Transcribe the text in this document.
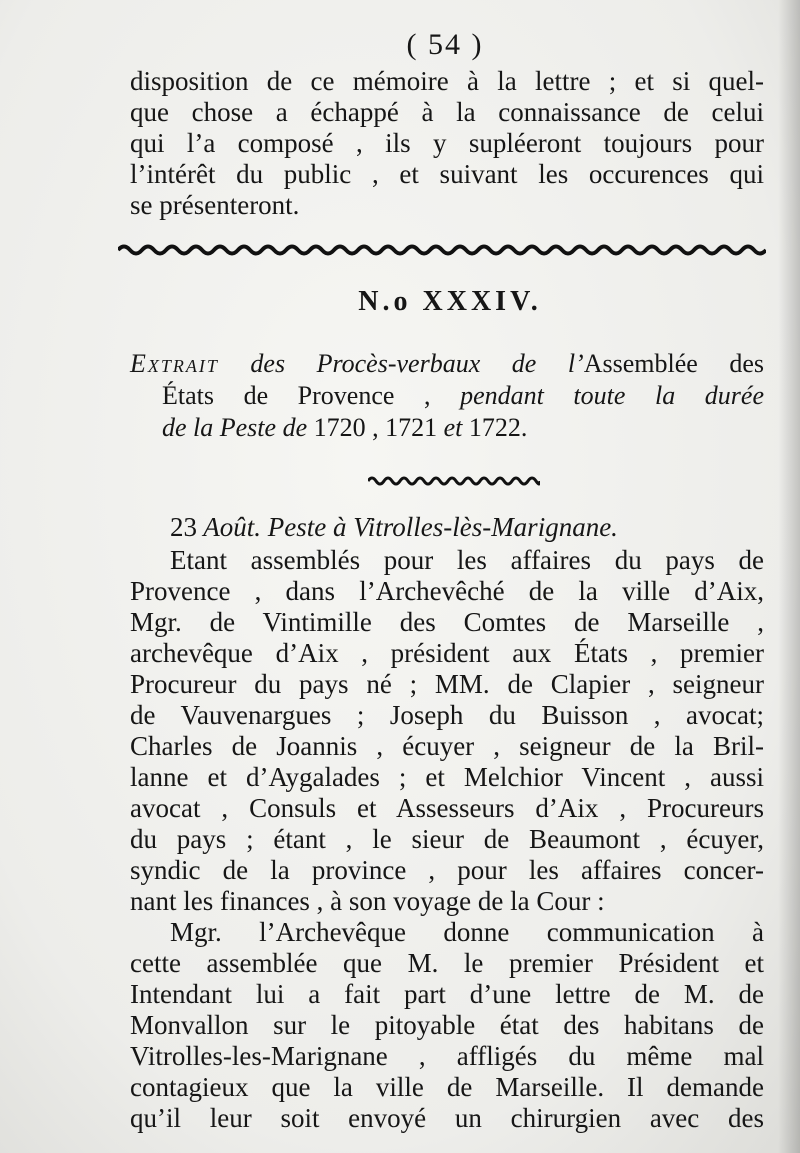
( 54 )
disposition de ce mémoire à la lettre ; et si quel-
que chose a échappé à la connaissance de celui
qui l’a composé , ils y supléeront toujours pour
l’intérêt du public , et suivant les occurences qui
se présenteront.
N.o XXXIV.
Extrait des Procès-verbaux de l’Assemblée des
États de Provence , pendant toute la durée
de la Peste de 1720 , 1721 et 1722.
23 Août. Peste à Vitrolles-lès-Marignane.
Etant assemblés pour les affaires du pays de
Provence , dans l’Archevêché de la ville d’Aix,
Mgr. de Vintimille des Comtes de Marseille ,
archevêque d’Aix , président aux États , premier
Procureur du pays né ; MM. de Clapier , seigneur
de Vauvenargues ; Joseph du Buisson , avocat;
Charles de Joannis , écuyer , seigneur de la Bril-
lanne et d’Aygalades ; et Melchior Vincent , aussi
avocat , Consuls et Assesseurs d’Aix , Procureurs
du pays ; étant , le sieur de Beaumont , écuyer,
syndic de la province , pour les affaires concer-
nant les finances , à son voyage de la Cour :
Mgr. l’Archevêque donne communication à
cette assemblée que M. le premier Président et
Intendant lui a fait part d’une lettre de M. de
Monvallon sur le pitoyable état des habitans de
Vitrolles-les-Marignane , affligés du même mal
contagieux que la ville de Marseille. Il demande
qu’il leur soit envoyé un chirurgien avec des
